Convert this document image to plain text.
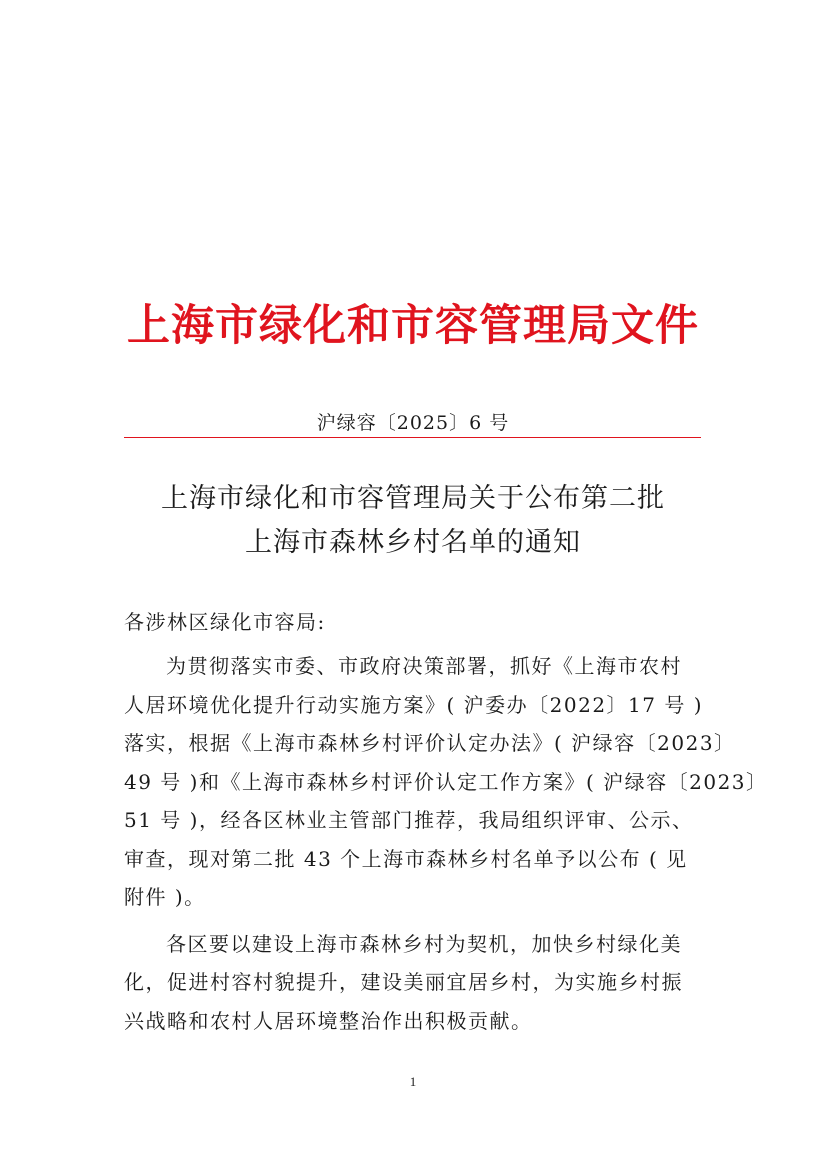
上海市绿化和市容管理局文件
沪绿容〔2025〕6 号
上海市绿化和市容管理局关于公布第二批
上海市森林乡村名单的通知
各涉林区绿化市容局:
为贯彻落实市委、市政府决策部署，抓好《上海市农村
人居环境优化提升行动实施方案》( 沪委办〔2022〕17 号 )
落实，根据《上海市森林乡村评价认定办法》( 沪绿容〔2023〕
49 号 )和《上海市森林乡村评价认定工作方案》( 沪绿容〔2023〕
51 号 )，经各区林业主管部门推荐，我局组织评审、公示、
审查，现对第二批 43 个上海市森林乡村名单予以公布 ( 见
附件 )。
各区要以建设上海市森林乡村为契机，加快乡村绿化美
化，促进村容村貌提升，建设美丽宜居乡村，为实施乡村振
兴战略和农村人居环境整治作出积极贡献。
1
